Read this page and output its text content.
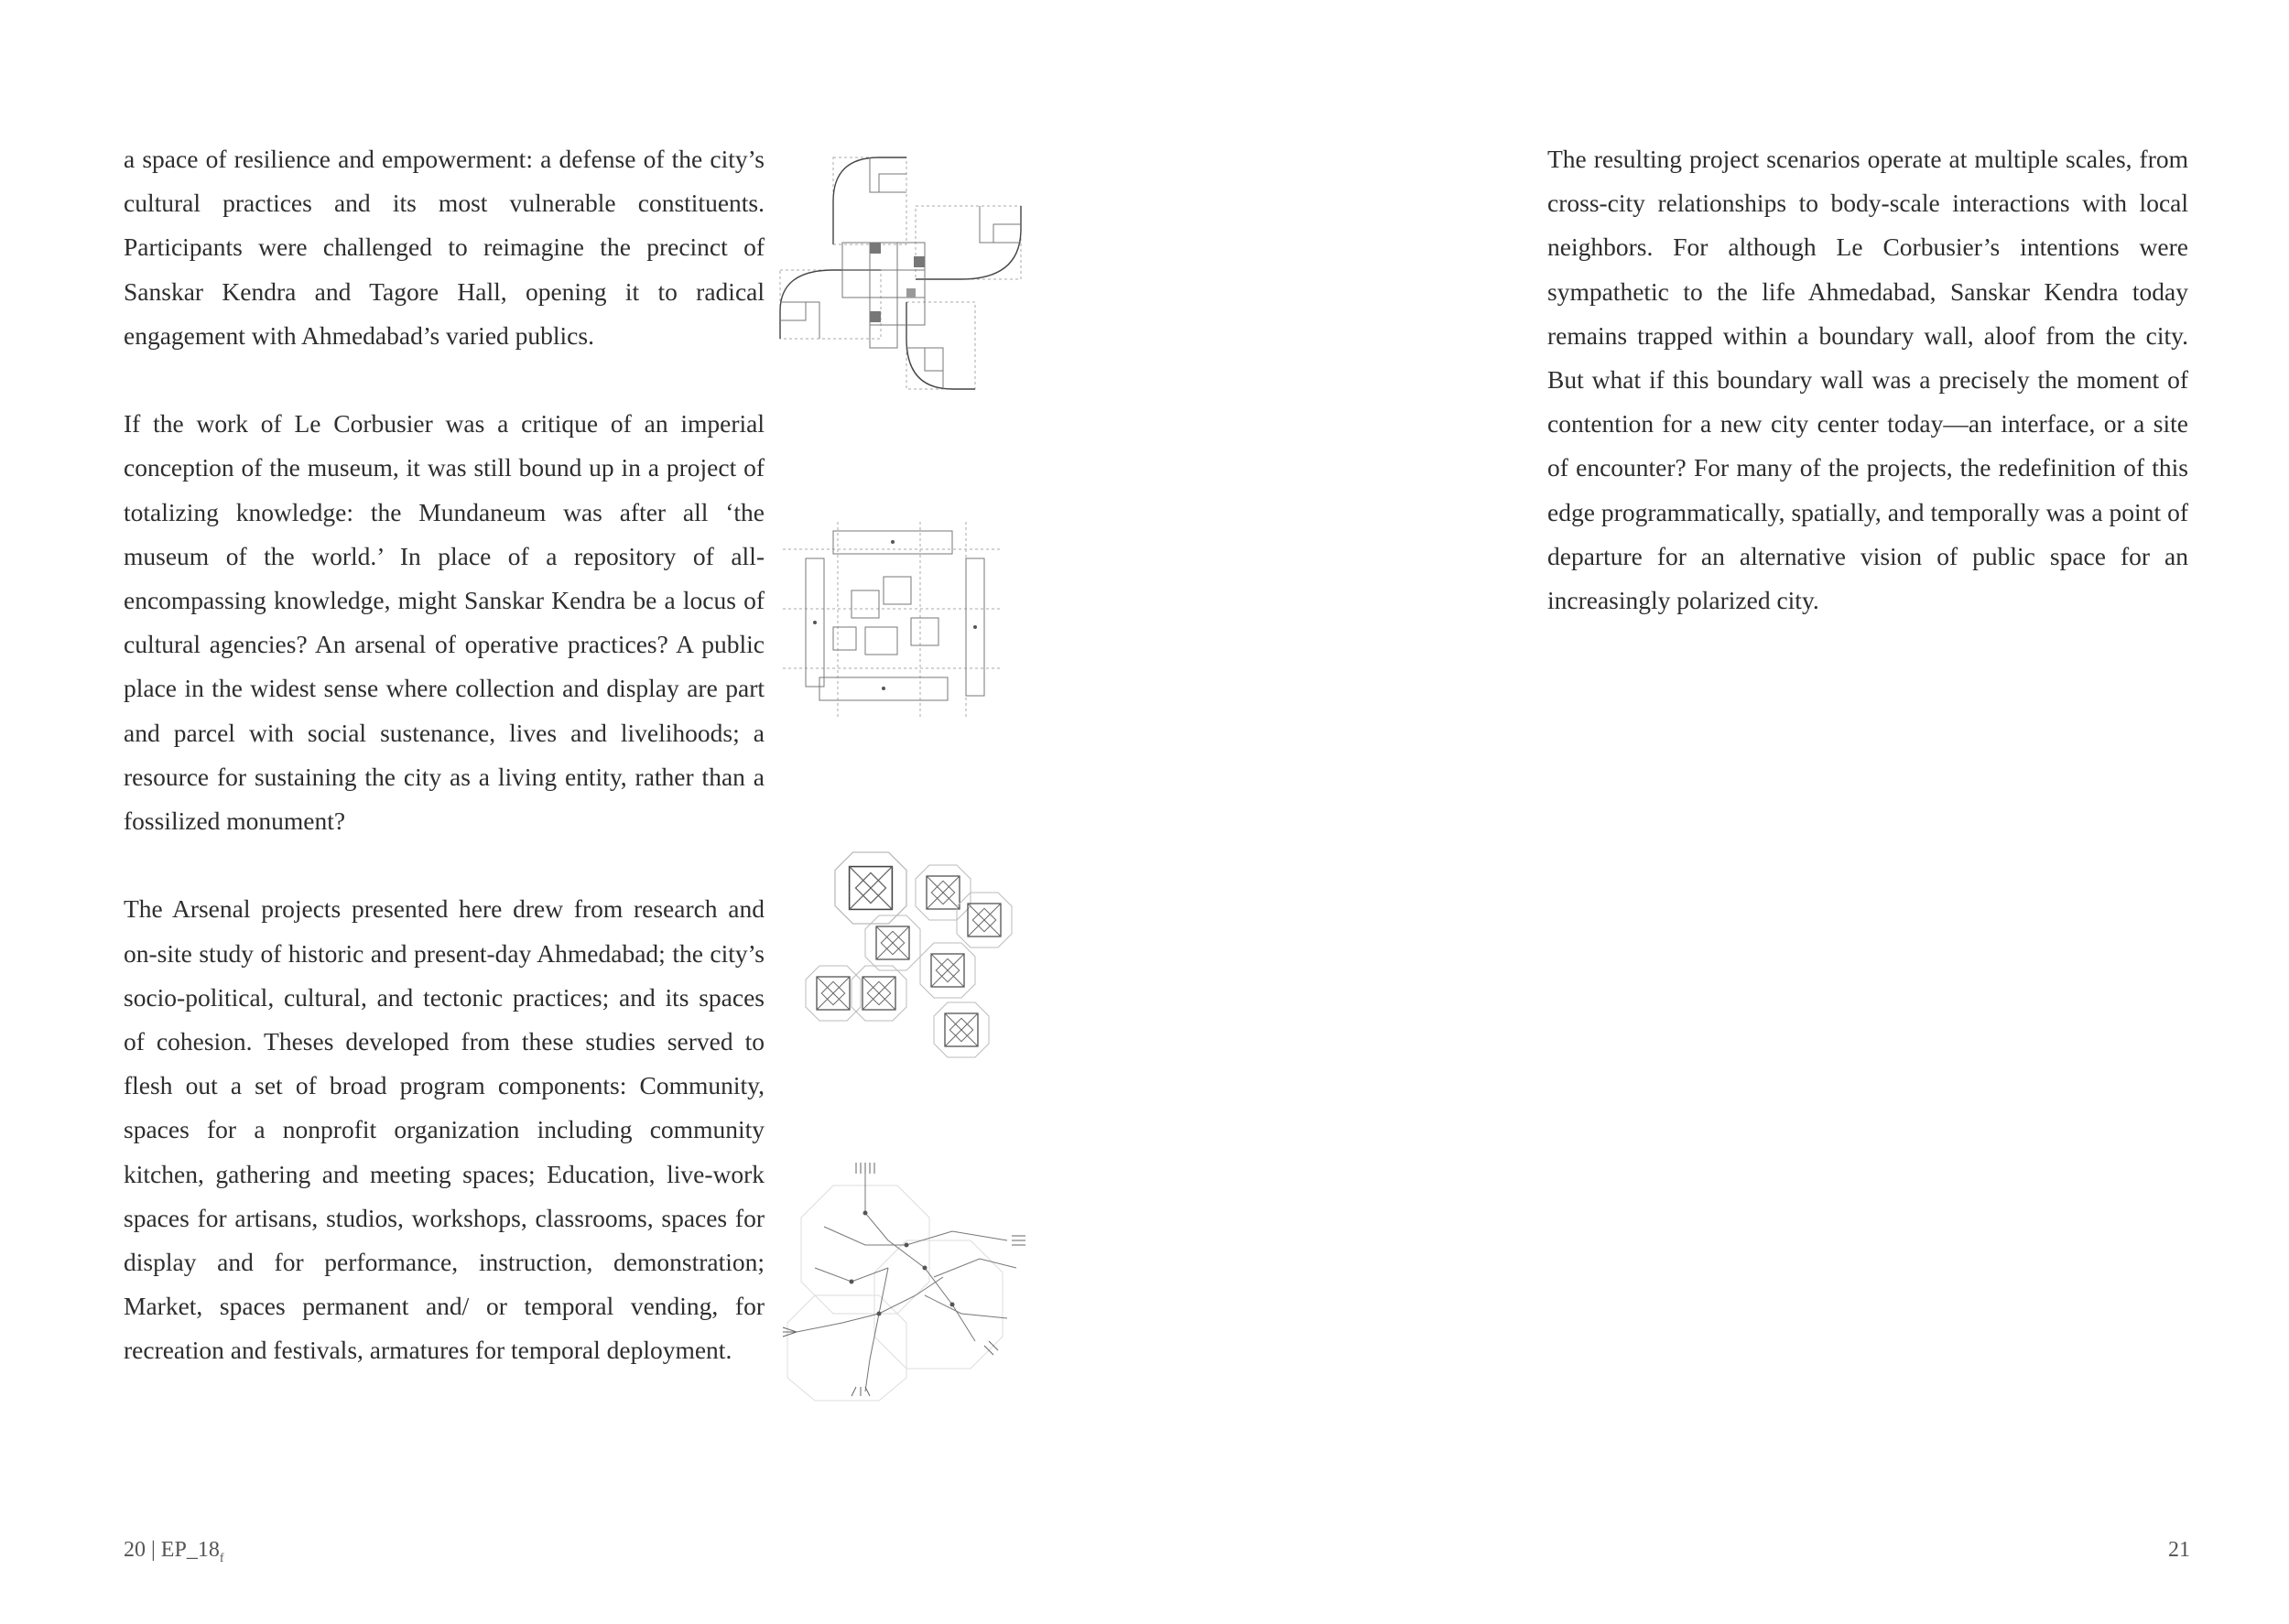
a space of resilience and empowerment: a defense of the city’s cultural practices and its most vulnerable constituents. Participants were challenged to reimagine the precinct of Sanskar Kendra and Tagore Hall, opening it to radical engagement with Ahmedabad’s varied publics.

If the work of Le Corbusier was a critique of an imperial conception of the museum, it was still bound up in a project of totalizing knowledge: the Mundaneum was after all ‘the museum of the world.’ In place of a repository of all-encompassing knowledge, might Sanskar Kendra be a locus of cultural agencies? An arsenal of operative practices? A public place in the widest sense where collection and display are part and parcel with social sustenance, lives and livelihoods; a resource for sustaining the city as a living entity, rather than a fossilized monument?

The Arsenal projects presented here drew from research and on-site study of historic and present-day Ahmedabad; the city’s socio-political, cultural, and tectonic practices; and its spaces of cohesion. Theses developed from these studies served to flesh out a set of broad program components: Community, spaces for a nonprofit organization including community kitchen, gathering and meeting spaces; Education, live-work spaces for artisans, studios, workshops, classrooms, spaces for display and for performance, instruction, demonstration; Market, spaces permanent and/ or temporal vending, for recreation and festivals, armatures for temporal deployment.

The resulting project scenarios operate at multiple scales, from cross-city relationships to body-scale interactions with local neighbors. For although Le Corbusier’s intentions were sympathetic to the life Ahmedabad, Sanskar Kendra today remains trapped within a boundary wall, aloof from the city. But what if this boundary wall was a precisely the moment of contention for a new city center today—an interface, or a site of encounter? For many of the projects, the redefinition of this edge programmatically, spatially, and temporally was a point of departure for an alternative vision of public space for an increasingly polarized city.

20 | $EP\_18_f$	21
